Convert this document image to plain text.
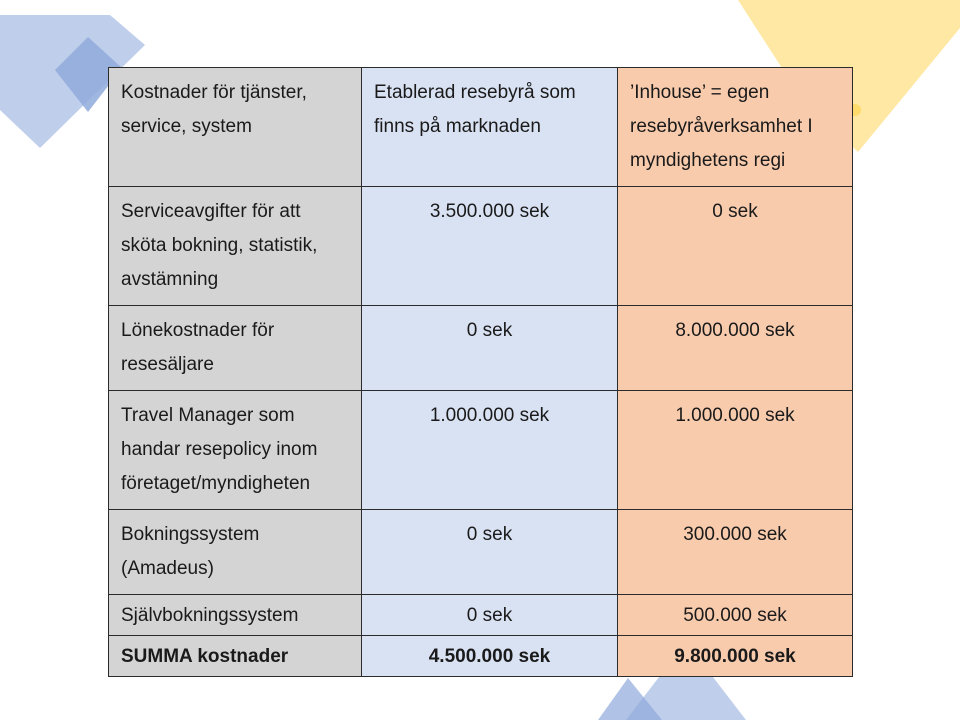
Kostnader för tjänster, service, system	Etablerad resebyrå som finns på marknaden	’Inhouse’ = egen resebyråverksamhet I myndighetens regi
Serviceavgifter för att sköta bokning, statistik, avstämning	3.500.000 sek	0 sek
Lönekostnader för resesäljare	0 sek	8.000.000 sek
Travel Manager som handar resepolicy inom företaget/myndigheten	1.000.000 sek	1.000.000 sek
Bokningssystem (Amadeus)	0 sek	300.000 sek
Självbokningssystem	0 sek	500.000 sek
SUMMA kostnader	4.500.000 sek	9.800.000 sek
